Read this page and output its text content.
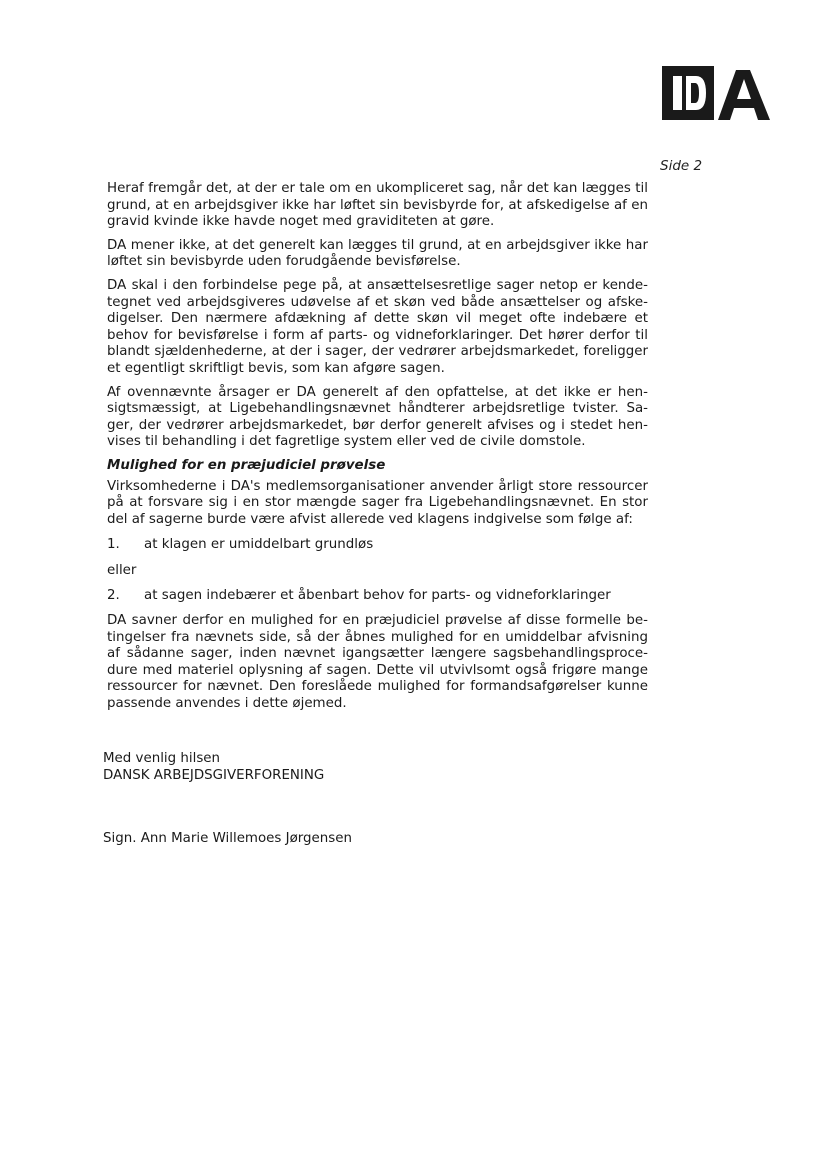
Side 2

Heraf fremgår det, at der er tale om en ukompliceret sag, når det kan lægges til grund, at en arbejdsgiver ikke har løftet sin bevisbyrde for, at afskedigelse af en gravid kvinde ikke havde noget med graviditeten at gøre.

DA mener ikke, at det generelt kan lægges til grund, at en arbejdsgiver ikke har løftet sin bevisbyrde uden forudgående bevisførelse.

DA skal i den forbindelse pege på, at ansættelsesretlige sager netop er kendetegnet ved arbejdsgiveres udøvelse af et skøn ved både ansættelser og afskedigelser. Den nærmere afdækning af dette skøn vil meget ofte indebære et behov for bevisførelse i form af parts- og vidneforklaringer. Det hører derfor til blandt sjældenhederne, at der i sager, der vedrører arbejdsmarkedet, foreligger et egentligt skriftligt bevis, som kan afgøre sagen.

Af ovennævnte årsager er DA generelt af den opfattelse, at det ikke er hensigtsmæssigt, at Ligebehandlingsnævnet håndterer arbejdsretlige tvister. Sager, der vedrører arbejdsmarkedet, bør derfor generelt afvises og i stedet henvises til behandling i det fagretlige system eller ved de civile domstole.

Mulighed for en præjudiciel prøvelse

Virksomhederne i DA's medlemsorganisationer anvender årligt store ressourcer på at forsvare sig i en stor mængde sager fra Ligebehandlingsnævnet. En stor del af sagerne burde være afvist allerede ved klagens indgivelse som følge af:

1. at klagen er umiddelbart grundløs

eller

2. at sagen indebærer et åbenbart behov for parts- og vidneforklaringer

DA savner derfor en mulighed for en præjudiciel prøvelse af disse formelle betingelser fra nævnets side, så der åbnes mulighed for en umiddelbar afvisning af sådanne sager, inden nævnet igangsætter længere sagsbehandlingsprocedure med materiel oplysning af sagen. Dette vil utvivlsomt også frigøre mange ressourcer for nævnet. Den foreslåede mulighed for formandsafgørelser kunne passende anvendes i dette øjemed.

Med venlig hilsen
DANSK ARBEJDSGIVERFORENING
Sign. Ann Marie Willemoes Jørgensen
